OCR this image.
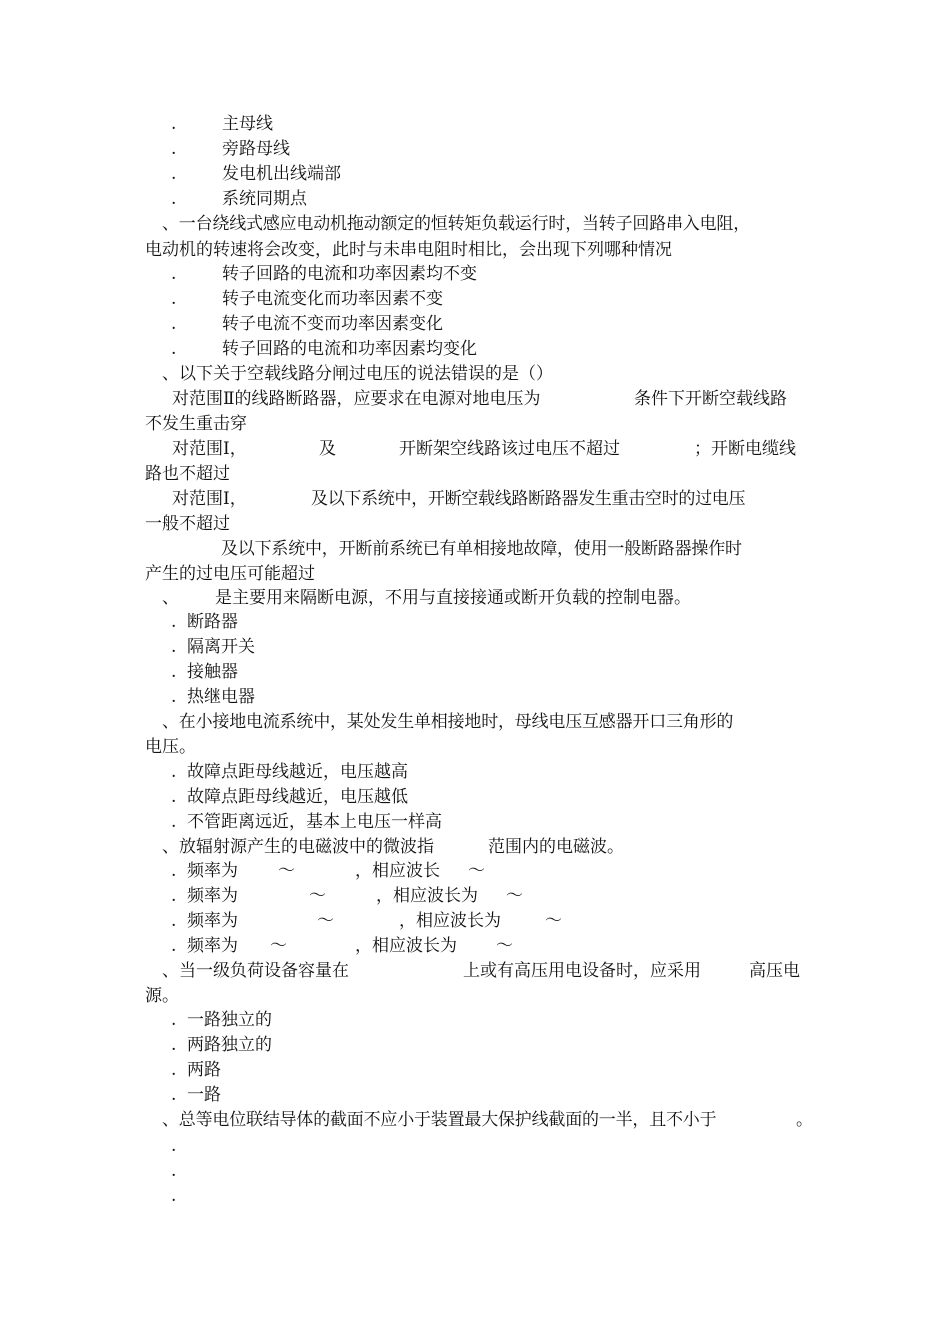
.	主母线
.	旁路母线
.	发电机出线端部
.	系统同期点
、一台绕线式感应电动机拖动额定的恒转矩负载运行时，当转子回路串入电阻，
电动机的转速将会改变，此时与未串电阻时相比，会出现下列哪种情况
.	转子回路的电流和功率因素均不变
.	转子电流变化而功率因素不变
.	转子电流不变而功率因素变化
.	转子回路的电流和功率因素均变化
、以下关于空载线路分闸过电压的说法错误的是（）
对范围Ⅱ的线路断路器，应要求在电源对地电压为	条件下开断空载线路
不发生重击穿
对范围Ⅰ，	及	开断架空线路该过电压不超过	；开断电缆线
路也不超过
对范围Ⅰ，	及以下系统中，开断空载线路断路器发生重击空时的过电压
一般不超过
及以下系统中，开断前系统已有单相接地故障，使用一般断路器操作时
产生的过电压可能超过
、 是主要用来隔断电源，不用与直接接通或断开负载的控制电器。
. 断路器
. 隔离开关
. 接触器
. 热继电器
、在小接地电流系统中，某处发生单相接地时，母线电压互感器开口三角形的
电压。
. 故障点距母线越近，电压越高
. 故障点距母线越近，电压越低
. 不管距离远近，基本上电压一样高
、放辐射源产生的电磁波中的微波指	范围内的电磁波。
. 频率为 ～	，相应波长 ～
. 频率为	～	，相应波长为 ～
. 频率为	～	，相应波长为	～
. 频率为 ～	，相应波长为 ～
、当一级负荷设备容量在	上或有高压用电设备时，应采用	高压电
源。
. 一路独立的
. 两路独立的
. 两路
. 一路
、总等电位联结导体的截面不应小于装置最大保护线截面的一半，且不小于	。
.
.
.
